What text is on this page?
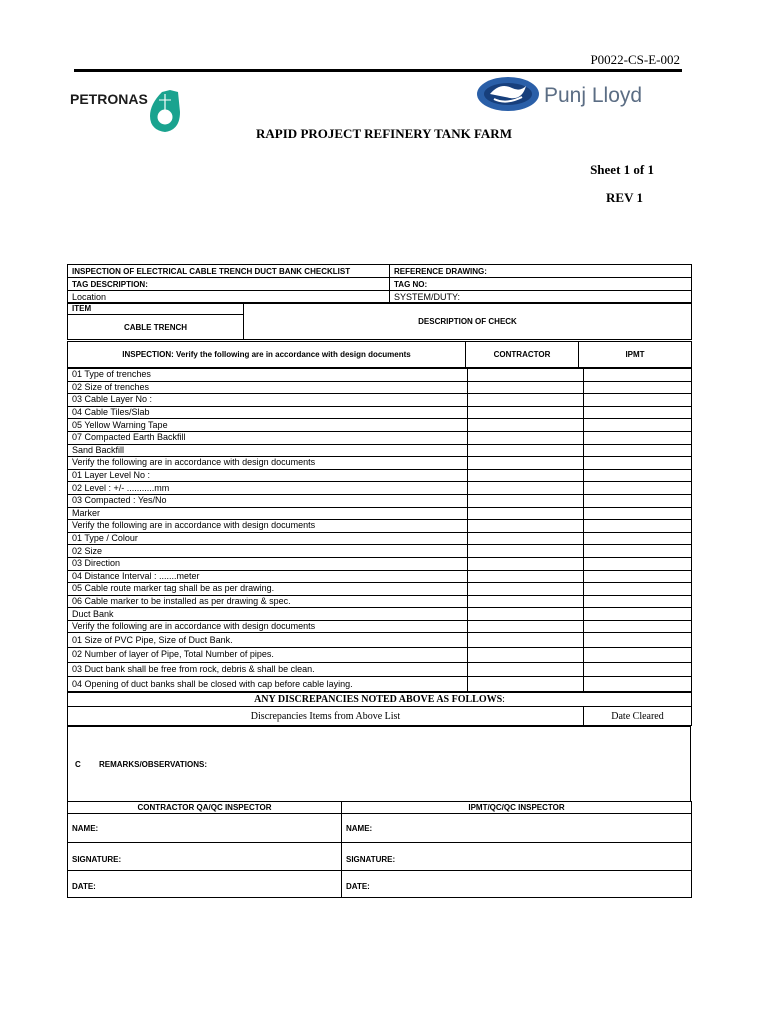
P0022-CS-E-002
PETRONAS	Punj Lloyd
RAPID PROJECT REFINERY TANK FARM
Sheet 1 of 1
REV 1
INSPECTION OF ELECTRICAL CABLE TRENCH DUCT BANK CHECKLIST	REFERENCE DRAWING:
TAG DESCRIPTION:	TAG NO:
Location	SYSTEM/DUTY:
ITEM	DESCRIPTION OF CHECK
CABLE TRENCH
INSPECTION: Verify the following are in accordance with design documents	CONTRACTOR	IPMT
01 Type of trenches		
02 Size of trenches		
03 Cable Layer No :		
04 Cable Tiles/Slab		
05 Yellow Warning Tape		
07 Compacted Earth Backfill		
Sand Backfill		
Verify the following are in accordance with design documents		
01 Layer Level No :		
02 Level : +/- ...........mm		
03 Compacted : Yes/No		
Marker		
Verify the following are in accordance with design documents		
01 Type / Colour		
02 Size		
03 Direction		
04 Distance Interval : .......meter		
05 Cable route marker tag shall be as per drawing.		
06 Cable marker to be installed as per drawing & spec.		
Duct Bank		
Verify the following are in accordance with design documents		
01 Size of PVC Pipe, Size of Duct Bank.		
02 Number of layer of Pipe, Total Number of pipes.		
03 Duct bank shall be free from rock, debris & shall be clean.		
04 Opening of duct banks shall be closed with cap before cable laying.		
ANY DISCREPANCIES NOTED ABOVE AS FOLLOWS:
Discrepancies Items from Above List	Date Cleared
C REMARKS/OBSERVATIONS:
CONTRACTOR QA/QC INSPECTOR	IPMT/QC/QC INSPECTOR
NAME:	NAME:
SIGNATURE:	SIGNATURE:
DATE:	DATE:
